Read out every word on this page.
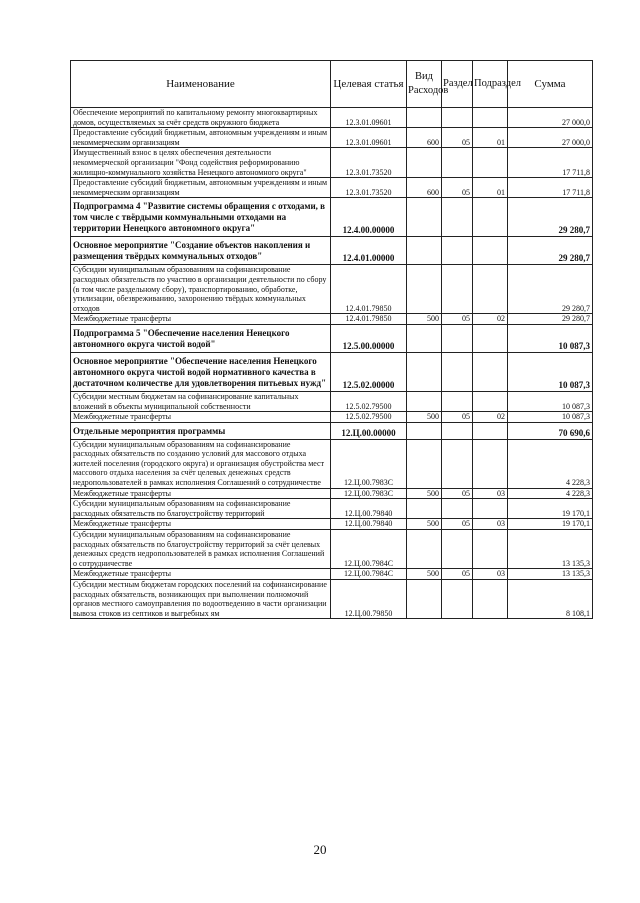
Наименование	Целевая статья	Вид Расходов	Раздел	Подраздел	Сумма
Обеспечение мероприятий по капитальному ремонту многоквартирных домов, осуществляемых за счёт средств окружного бюджета	12.3.01.09601				27 000,0
Предоставление субсидий бюджетным, автономным учреждениям и иным некоммерческим организациям	12.3.01.09601	600	05	01	27 000,0
Имущественный взнос в целях обеспечения деятельности некоммерческой организации "Фонд содействия реформированию жилищно-коммунального хозяйства Ненецкого автономного округа"	12.3.01.73520				17 711,8
Предоставление субсидий бюджетным, автономным учреждениям и иным некоммерческим организациям	12.3.01.73520	600	05	01	17 711,8
Подпрограмма 4 "Развитие системы обращения с отходами, в том числе с твёрдыми коммунальными отходами на территории Ненецкого автономного округа"	12.4.00.00000				29 280,7
Основное мероприятие "Создание объектов накопления и размещения твёрдых коммунальных отходов"	12.4.01.00000				29 280,7
Субсидии муниципальным образованиям на софинансирование расходных обязательств по участию в организации деятельности по сбору (в том числе раздельному сбору), транспортированию, обработке, утилизации, обезвреживанию, захоронению твёрдых коммунальных отходов	12.4.01.79850				29 280,7
Межбюджетные трансферты	12.4.01.79850	500	05	02	29 280,7
Подпрограмма 5 "Обеспечение населения Ненецкого автономного округа чистой водой"	12.5.00.00000				10 087,3
Основное мероприятие "Обеспечение населения Ненецкого автономного округа чистой водой нормативного качества в достаточном количестве для удовлетворения питьевых нужд"	12.5.02.00000				10 087,3
Субсидии местным бюджетам на софинансирование капитальных вложений в объекты муниципальной собственности	12.5.02.79500				10 087,3
Межбюджетные трансферты	12.5.02.79500	500	05	02	10 087,3
Отдельные мероприятия программы	12.Ц.00.00000				70 690,6
Субсидии муниципальным образованиям на софинансирование расходных обязательств по созданию условий для массового отдыха жителей поселения (городского округа) и организация обустройства мест массового отдыха населения за счёт целевых денежных средств недропользователей в рамках исполнения Соглашений о сотрудничестве	12.Ц.00.7983С				4 228,3
Межбюджетные трансферты	12.Ц.00.7983С	500	05	03	4 228,3
Субсидии муниципальным образованиям на софинансирование расходных обязательств по благоустройству территорий	12.Ц.00.79840				19 170,1
Межбюджетные трансферты	12.Ц.00.79840	500	05	03	19 170,1
Субсидии муниципальным образованиям на софинансирование расходных обязательств по благоустройству территорий за счёт целевых денежных средств недропользователей в рамках исполнения Соглашений о сотрудничестве	12.Ц.00.7984С				13 135,3
Межбюджетные трансферты	12.Ц.00.7984С	500	05	03	13 135,3
Субсидии местным бюджетам городских поселений на софинансирование расходных обязательств, возникающих при выполнении полномочий органов местного самоуправления по водоотведению в части организации вывоза стоков из септиков и выгребных ям	12.Ц.00.79850				8 108,1
20
